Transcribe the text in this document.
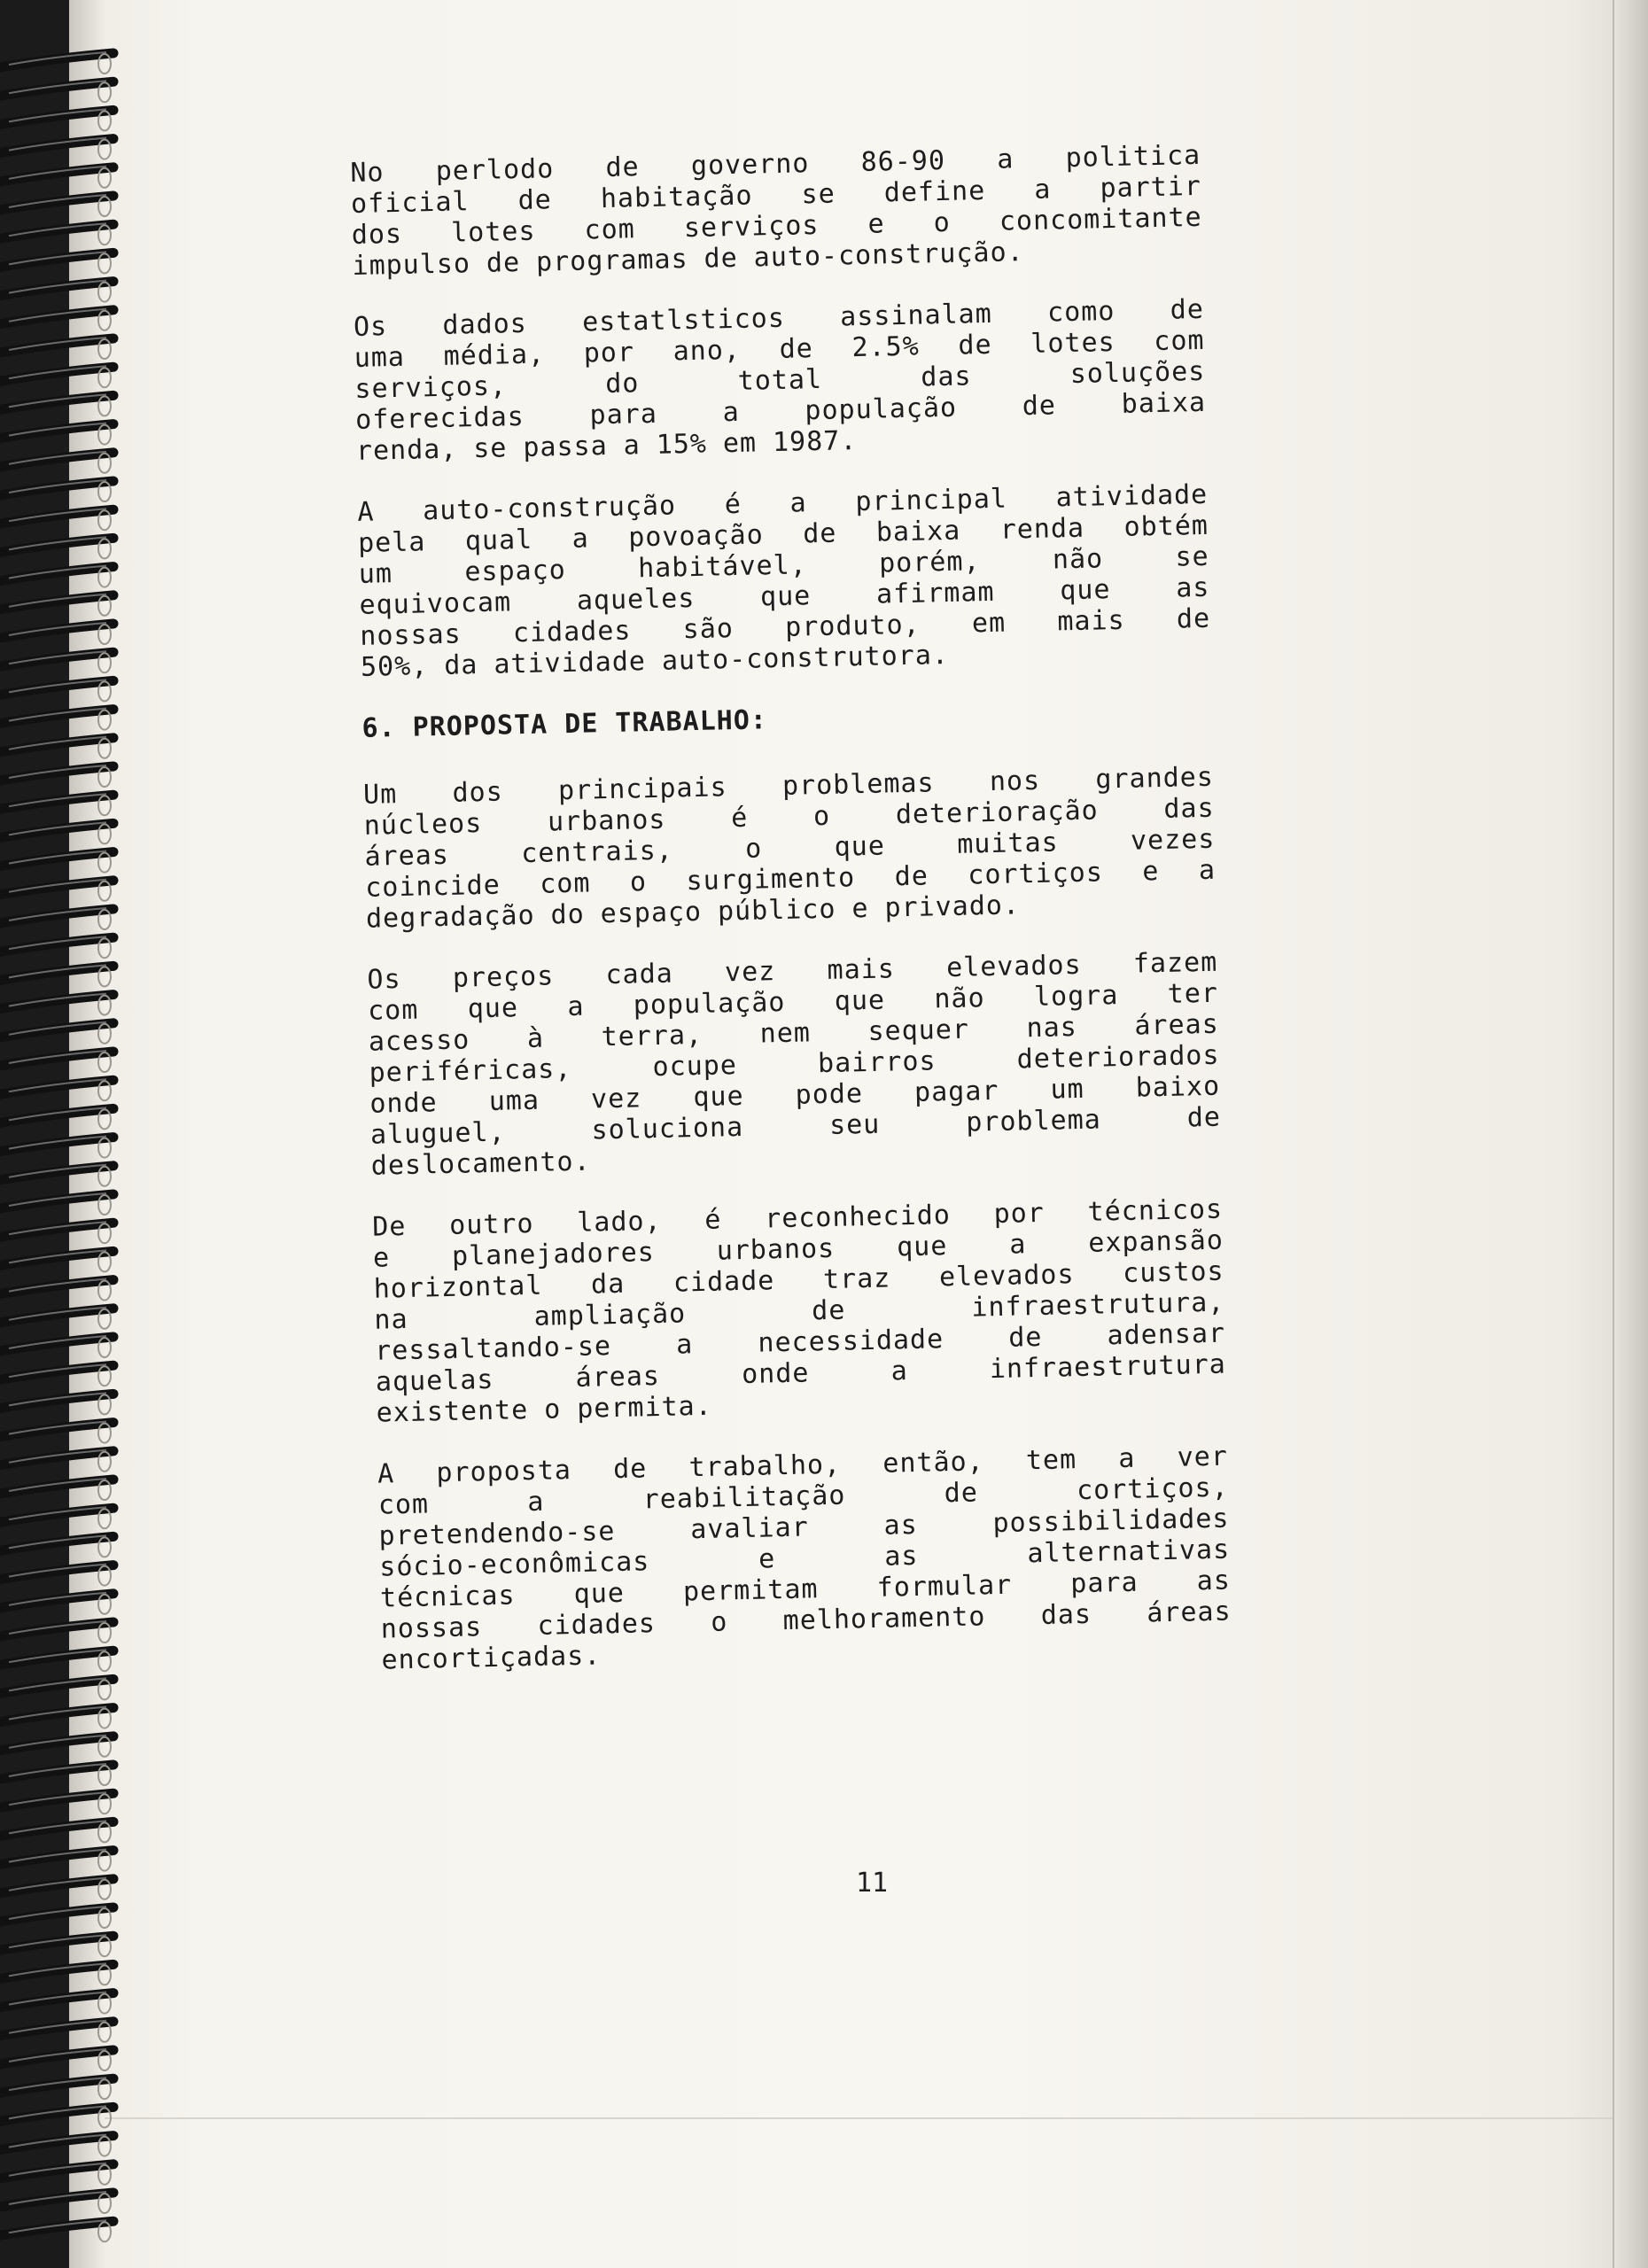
No perlodo de governo 86-90 a politica
oficial de habitação se define a partir
dos lotes com serviços e o concomitante
impulso de programas de auto-construção.
Os dados estatlsticos assinalam como de
uma média, por ano, de 2.5% de lotes com
serviços,	do	total	das	soluções
oferecidas para a população de baixa
renda, se passa a 15% em 1987.
A auto-construção é a principal atividade
pela qual a povoação de baixa renda obtém
um	espaço	habitável,	porém,	não	se
equivocam aqueles que afirmam que as
nossas cidades são produto, em mais de
50%, da atividade auto-construtora.
6. PROPOSTA DE TRABALHO:
Um dos principais problemas nos grandes
núcleos urbanos é o deterioração das
áreas	centrais,	o	que	muitas	vezes
coincide com o surgimento de cortiços e a
degradação do espaço público e privado.
Os preços cada vez mais elevados fazem
com que a população que não logra ter
acesso à terra, nem sequer nas áreas
periféricas,	ocupe	bairros	deteriorados
onde uma vez que pode pagar um baixo
aluguel,	soluciona	seu	problema	de
deslocamento.
De outro lado, é reconhecido por técnicos
e planejadores urbanos que a expansão
horizontal da cidade traz elevados custos
na	ampliação	de	infraestrutura,
ressaltando-se a necessidade de adensar
aquelas	áreas	onde	a	infraestrutura
existente o permita.
A proposta de trabalho, então, tem a ver
com	a	reabilitação	de	cortiços,
pretendendo-se	avaliar	as	possibilidades
sócio-econômicas	e	as	alternativas
técnicas que permitam formular para as
nossas cidades o melhoramento das áreas
encortiçadas.
11
